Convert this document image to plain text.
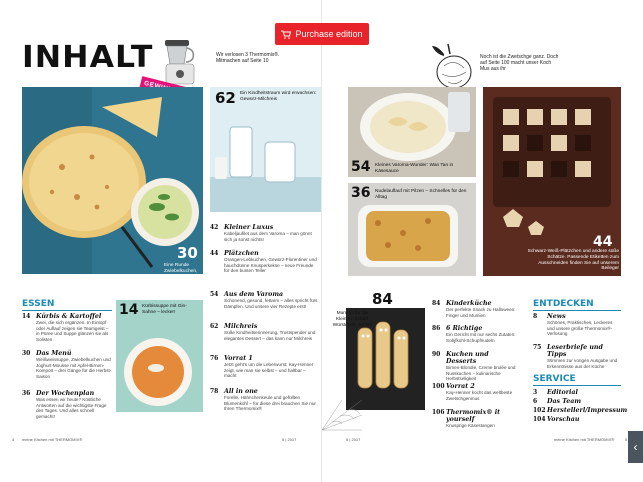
Purchase edition
INHALT	Wir verlosen 3 Thermomix®. Mitmachen auf Seite 10
Noch ist die Zwetschge ganz. Doch auf Seite 100 macht unser Koch Mus aus ihr
30
Eine Runde Zwiebelkuchen, bitte!
62 Ein Kindheitstraum wird erwachsen: Gewürz-Milchreis
54 Kleines Varoma-Wunder: Wan Tan in Käsesauce
36 Nudelauflauf mit Pilzen – Schnelles für den Alltag
44
Schwarz-Weiß-Plätzchen und andere süße Schätze. Passende Etiketten zum Ausschneiden finden Sie auf unserem Beileger
ESSEN
14 Kürbis & Kartoffel
Zwei, die sich ergänzen. In Eintopf oder Auflauf zeigen sie Teamgeist – in Püree und Suppe glänzen sie als Solisten
30 Das Menü
Weißweinsuppe, Zwiebelkuchen und Joghurt-Mousse mit Apfel-Birnen-Kompott – drei Gänge für die Herbst-Saison
36 Der Wochenplan
Was essen wir heute? Köstliche Antworten auf die wichtigste Frage des Tages. Und alles schnell gemacht!
14 Kürbissuppe mit Gin-Sahne – lecker!
42 Kleiner Luxus
Kabeljaufilet aus dem Varoma – man gönnt sich ja sonst nichts!
44 Plätzchen
Orangen-Lebkuchen, Gewürz-Florentiner und hauchdünne Knusperkekse – neue Freunde für den bunten Teller
54 Aus dem Varoma
Schonend, gesund, fettarm – alles spricht fürs Dämpfen. Und unsere vier Rezepte erst!
62 Milchreis
Süße Kindheitserinnerung, Trostspender und elegantes Dessert – das kann nur Milchreis
76 Vorrat 1
Jetzt geht's um die Leberwurst: Kay-Henner zeigt, wie man sie selbst – und haltbar – macht
78 All in one
Forelle, Hähnchenkeule und gefüllten Blumenkohl – für diese drei brauchen Sie nur Ihren Thermomix®
84
Mumien für die Kleinen: Schlaf, Würstchen, schlaf!
84 Kinderküche
Der perfekte Snack zu Halloween: Finger und Mumien
86 6 Richtige
Ein Gericht mit nur sechs Zutaten: Sobjfkohl-Schupfnudeln
90 Kuchen und Desserts
Birnen-Blondie, Creme brulée und Nusskuchen – kulinarische Herbstseligkeit
100 Vorrat 2
Kay-Henner kocht das weltbeste Zwetschgenmus
106 Thermomix® it yourself
Knusprige Käsestangen
ENTDECKEN
8 News
Schönes, Praktisches, Leckeres und unsere große Thermomix®-Verlosung
75 Leserbriefe und Tipps
Stimmen zur vorigen Ausgabe und Erkenntnisse aus der Küche
SERVICE
3 Editorial
6 Das Team
102 Herstellerl/Impressum
104 Vorschau
4 meine Kitchen mit THERMOMIX®	5 | 2017	5 | 2017	meine Kitchen mit THERMOMIX®	5
‹
